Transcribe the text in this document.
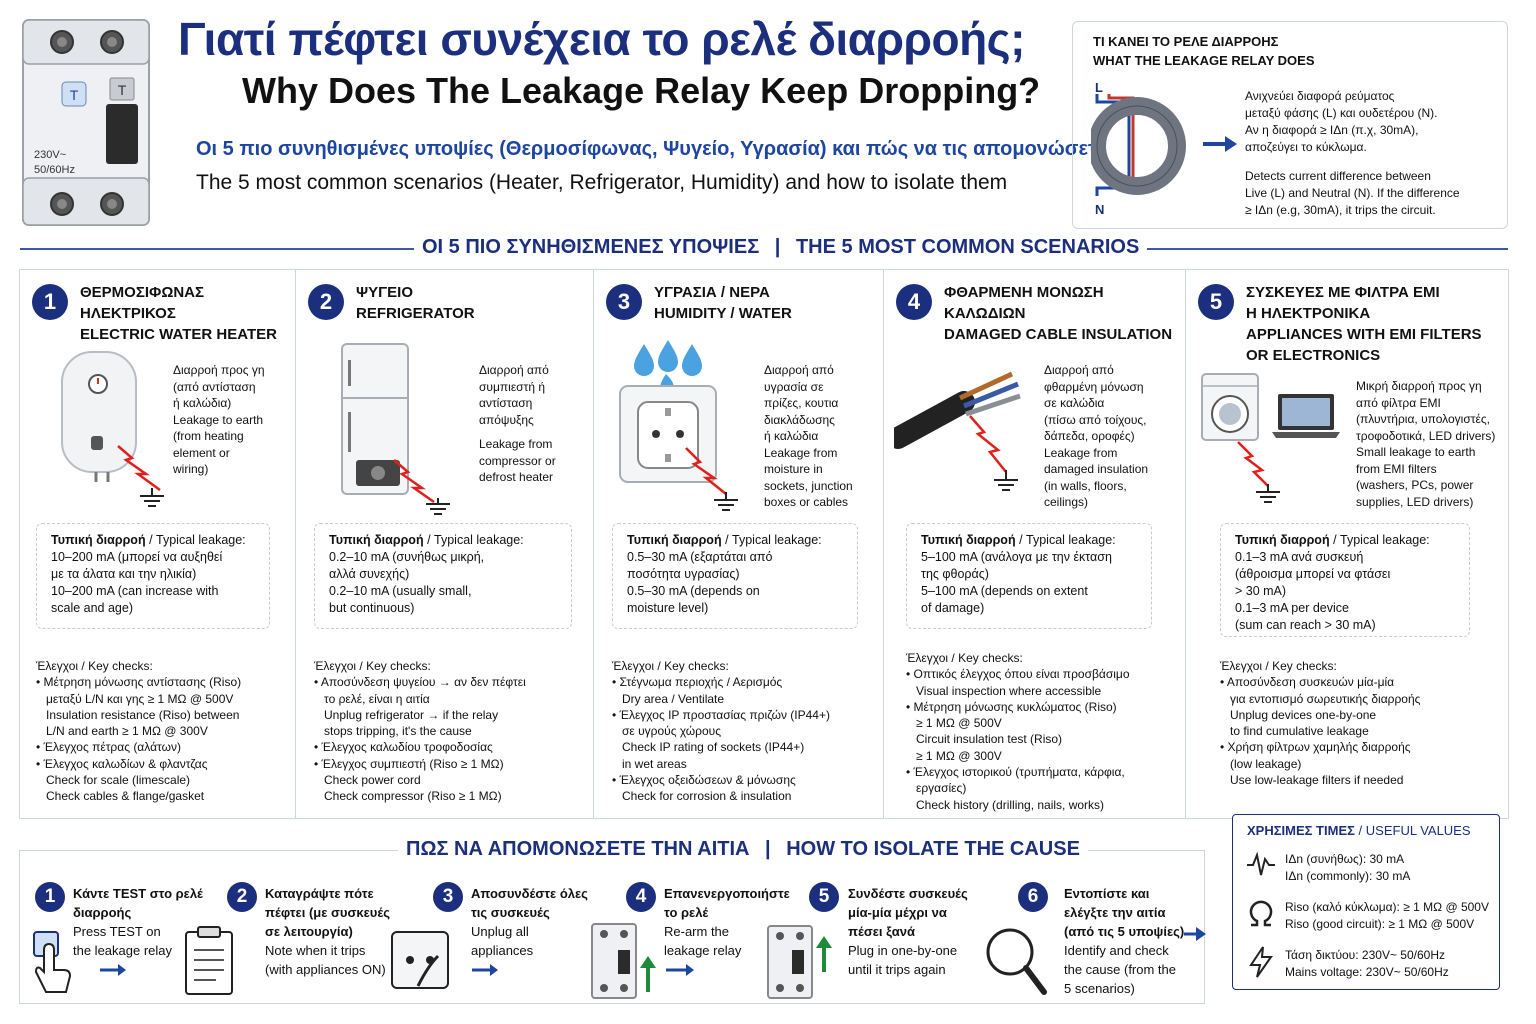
T	T
230V~
50/60Hz
Γιατί πέφτει συνέχεια το ρελέ διαρροής;
Why Does The Leakage Relay Keep Dropping?
Οι 5 πιο συνηθισμένες υποψίες (Θερμοσίφωνας, Ψυγείο, Υγρασία) και πώς να τις απομονώσετε
The 5 most common scenarios (Heater, Refrigerator, Humidity) and how to isolate them
ΤΙ ΚΑΝΕΙ ΤΟ ΡΕΛΕ ΔΙΑΡΡΟΗΣ
WHAT THE LEAKAGE RELAY DOES
L
N
Ανιχνεύει διαφορά ρεύματος
μεταξύ φάσης (L) και ουδετέρου (N).
Αν η διαφορά ≥ IΔn (π.χ, 30mA),
αποζεύγει το κύκλωμα.
Detects current difference between
Live (L) and Neutral (N). If the difference
≥ IΔn (e.g, 30mA), it trips the circuit.
ΟΙ 5 ΠΙΟ ΣΥΝΗΘΙΣΜΕΝΕΣ ΥΠΟΨΙΕΣ | THE 5 MOST COMMON SCENARIOS
1	ΘΕΡΜΟΣΙΦΩΝΑΣ
ΗΛΕΚΤΡΙΚΟΣ
ELECTRIC WATER HEATER
Διαρροή προς γη
(από αντίσταση
ή καλώδια)
Leakage to earth
(from heating
element or
wiring)
Τυπική διαρροή / Typical leakage:
10–200 mA (μπορεί να αυξηθεί
με τα άλατα και την ηλικία)
10–200 mA (can increase with
scale and age)
Έλεγχοι / Key checks:
• Μέτρηση μόνωσης αντίστασης (Riso)
μεταξύ L/N και γης ≥ 1 MΩ @ 500V
Insulation resistance (Riso) between
L/N and earth ≥ 1 MΩ @ 300V
• Έλεγχος πέτρας (αλάτων)
• Έλεγχος καλωδίων & φλαντζας
Check for scale (limescale)
Check cables & flange/gasket
2	ΨΥΓΕΙΟ
REFRIGERATOR
Διαρροή από
συμπιεστή ή
αντίσταση
απόψυξης
Leakage from
compressor or
defrost heater
Τυπική διαρροή / Typical leakage:
0.2–10 mA (συνήθως μικρή,
αλλά συνεχής)
0.2–10 mA (usually small,
but continuous)
Έλεγχοι / Key checks:
• Αποσύνδεση ψυγείου → αν δεν πέφτει
το ρελέ, είναι η αιτία
Unplug refrigerator → if the relay
stops tripping, it's the cause
• Έλεγχος καλωδίου τροφοδοσίας
• Έλεγχος συμπιεστή (Riso ≥ 1 MΩ)
Check power cord
Check compressor (Riso ≥ 1 MΩ)
3	ΥΓΡΑΣΙΑ / ΝΕΡΑ
HUMIDITY / WATER
Διαρροή από
υγρασία σε
πρίζες, κουτια
διακλάδωσης
ή καλώδια
Leakage from
moisture in
sockets, junction
boxes or cables
Τυπική διαρροή / Typical leakage:
0.5–30 mA (εξαρτάται από
ποσότητα υγρασίας)
0.5–30 mA (depends on
moisture level)
Έλεγχοι / Key checks:
• Στέγνωμα περιοχής / Αερισμός
Dry area / Ventilate
• Έλεγχος IP προστασίας πριζών (IP44+)
σε υγρούς χώρους
Check IP rating of sockets (IP44+)
in wet areas
• Έλεγχος οξειδώσεων & μόνωσης
Check for corrosion & insulation
4	ΦΘΑΡΜΕΝΗ ΜΟΝΩΣΗ
ΚΑΛΩΔΙΩΝ
DAMAGED CABLE INSULATION
Διαρροή από
φθαρμένη μόνωση
σε καλώδια
(πίσω από τοίχους,
δάπεδα, οροφές)
Leakage from
damaged insulation
(in walls, floors,
ceilings)
Τυπική διαρροή / Typical leakage:
5–100 mA (ανάλογα με την έκταση
της φθοράς)
5–100 mA (depends on extent
of damage)
Έλεγχοι / Key checks:
• Οπτικός έλεγχος όπου είναι προσβάσιμο
Visual inspection where accessible
• Μέτρηση μόνωσης κυκλώματος (Riso)
≥ 1 MΩ @ 500V
Circuit insulation test (Riso)
≥ 1 MΩ @ 300V
• Έλεγχος ιστορικού (τρυπήματα, κάρφια,
εργασίες)
Check history (drilling, nails, works)
5	ΣΥΣΚΕΥΕΣ ΜΕ ΦΙΛΤΡΑ EMI
Η ΗΛΕΚΤΡΟΝΙΚΑ
APPLIANCES WITH EMI FILTERS
OR ELECTRONICS
Μικρή διαρροή προς γη
από φίλτρα EMI
(πλυντήρια, υπολογιστές,
τροφοδοτικά, LED drivers)
Small leakage to earth
from EMI filters
(washers, PCs, power
supplies, LED drivers)
Τυπική διαρροή / Typical leakage:
0.1–3 mA ανά συσκευή
(άθροισμα μπορεί να φτάσει
> 30 mA)
0.1–3 mA per device
(sum can reach > 30 mA)
Έλεγχοι / Key checks:
• Αποσύνδεση συσκευών μία-μία
για εντοπισμό σωρευτικής διαρροής
Unplug devices one-by-one
to find cumulative leakage
• Χρήση φίλτρων χαμηλής διαρροής
(low leakage)
Use low-leakage filters if needed
ΠΩΣ ΝΑ ΑΠΟΜΟΝΩΣΕΤΕ ΤΗΝ ΑΙΤΙΑ | HOW TO ISOLATE THE CAUSE
1	Κάντε TEST στο ρελέ
διαρροής
Press TEST on
the leakage relay
2	Καταγράψτε πότε
πέφτει (με συσκευές
σε λειτουργία)
Note when it trips
(with appliances ON)
3	Αποσυνδέστε όλες
τις συσκευές
Unplug all
appliances
4	Επανενεργοποιήστε
το ρελέ
Re-arm the
leakage relay
5	Συνδέστε συσκευές
μία-μία μέχρι να
πέσει ξανά
Plug in one-by-one
until it trips again
6	Εντοπίστε και
ελέγξτε την αιτία
(από τις 5 υποψίες)
Identify and check
the cause (from the
5 scenarios)
ΧΡΗΣΙΜΕΣ ΤΙΜΕΣ / USEFUL VALUES
IΔn (συνήθως): 30 mA
IΔn (commonly): 30 mA
Riso (καλό κύκλωμα): ≥ 1 MΩ @ 500V
Riso (good circuit): ≥ 1 MΩ @ 500V
Τάση δικτύου: 230V~ 50/60Hz
Mains voltage: 230V~ 50/60Hz
